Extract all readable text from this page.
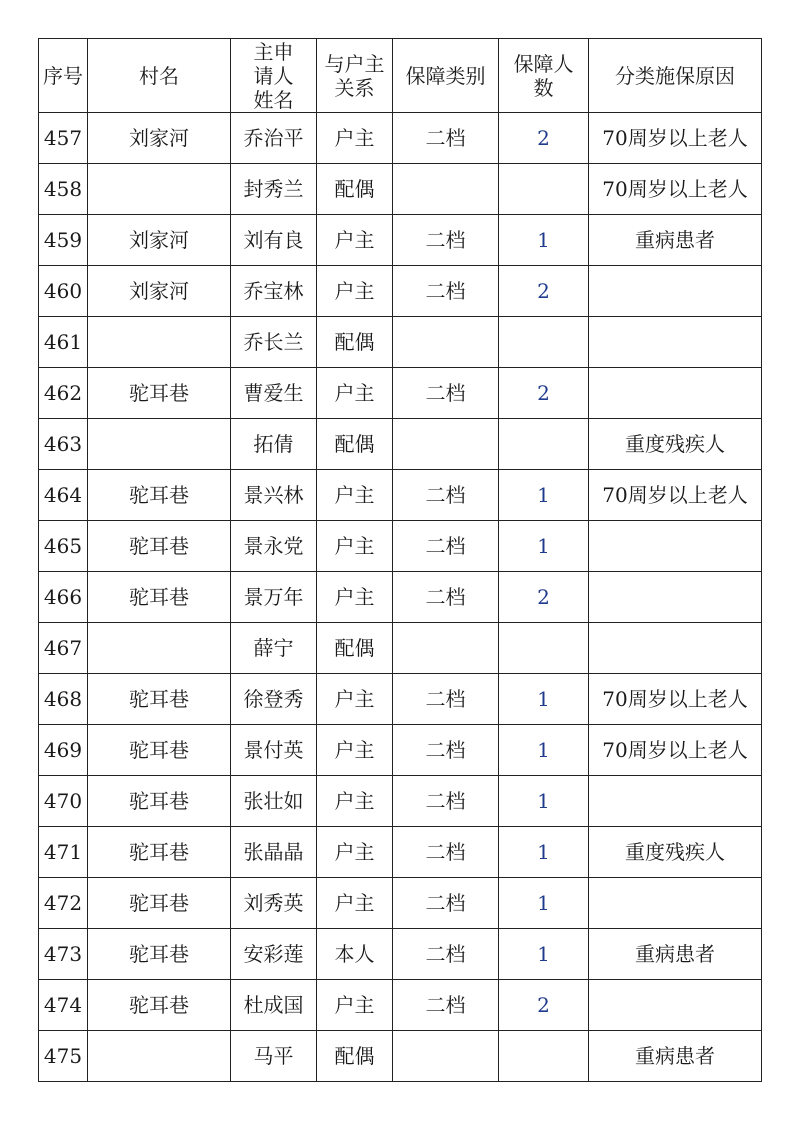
序号	村名	主申请人姓名	与户主关系	保障类别	保障人数	分类施保原因
457	刘家河	乔治平	户主	二档	2	70周岁以上老人
458		封秀兰	配偶			70周岁以上老人
459	刘家河	刘有良	户主	二档	1	重病患者
460	刘家河	乔宝林	户主	二档	2	
461		乔长兰	配偶			
462	驼耳巷	曹爱生	户主	二档	2	
463		拓倩	配偶			重度残疾人
464	驼耳巷	景兴林	户主	二档	1	70周岁以上老人
465	驼耳巷	景永党	户主	二档	1	
466	驼耳巷	景万年	户主	二档	2	
467		薛宁	配偶			
468	驼耳巷	徐登秀	户主	二档	1	70周岁以上老人
469	驼耳巷	景付英	户主	二档	1	70周岁以上老人
470	驼耳巷	张壮如	户主	二档	1	
471	驼耳巷	张晶晶	户主	二档	1	重度残疾人
472	驼耳巷	刘秀英	户主	二档	1	
473	驼耳巷	安彩莲	本人	二档	1	重病患者
474	驼耳巷	杜成国	户主	二档	2	
475		马平	配偶			重病患者
